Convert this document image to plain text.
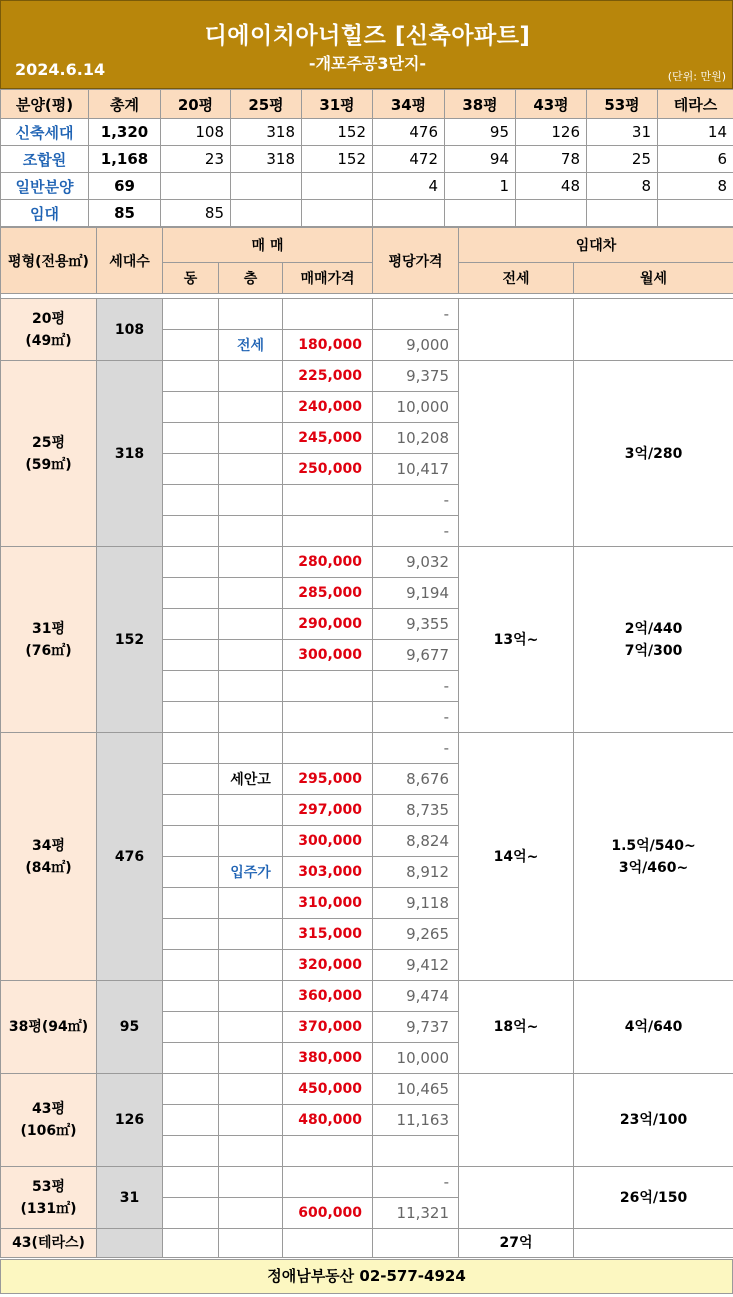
디에이치아너힐즈 [신축아파트]
-개포주공3단지-
2024.6.14	(단위: 만원)
분양(평)	총계	20평	25평	31평	34평	38평	43평	53평	테라스
신축세대	1,320	108	318	152	476	95	126	31	14
조합원	1,168	23	318	152	472	94	78	25	6
일반분양	69				4	1	48	8	8
임대	85	85							
평형(전용㎡)	세대수	매 매			평당가격	임대차	
		동	층	매매가격		전세	월세

20평
(49㎡)	108				-		

			전세	180,000	9,000		

25평
(59㎡)	318			225,000	9,375		3억/280

				240,000	10,000		
				245,000	10,208		
				250,000	10,417		
					-		
					-		

31평
(76㎡)	152			280,000	9,032	13억~	2억/440
7억/300

				285,000	9,194		
				290,000	9,355		
				300,000	9,677		
					-		
					-		

34평
(84㎡)	476				-	14억~	1.5억/540~
3억/460~

			세안고	295,000	8,676		
				297,000	8,735		
				300,000	8,824		
			입주가	303,000	8,912		
				310,000	9,118		
				315,000	9,265		
				320,000	9,412		

38평(94㎡)	95			360,000	9,474	18억~	4억/640

				370,000	9,737		
				380,000	10,000		

43평
(106㎡)	126			450,000	10,465		23억/100

				480,000	11,163		

53평
(131㎡)	31				-		26억/150

				600,000	11,321		
43(테라스)						27억	
정애남부동산 02-577-4924
